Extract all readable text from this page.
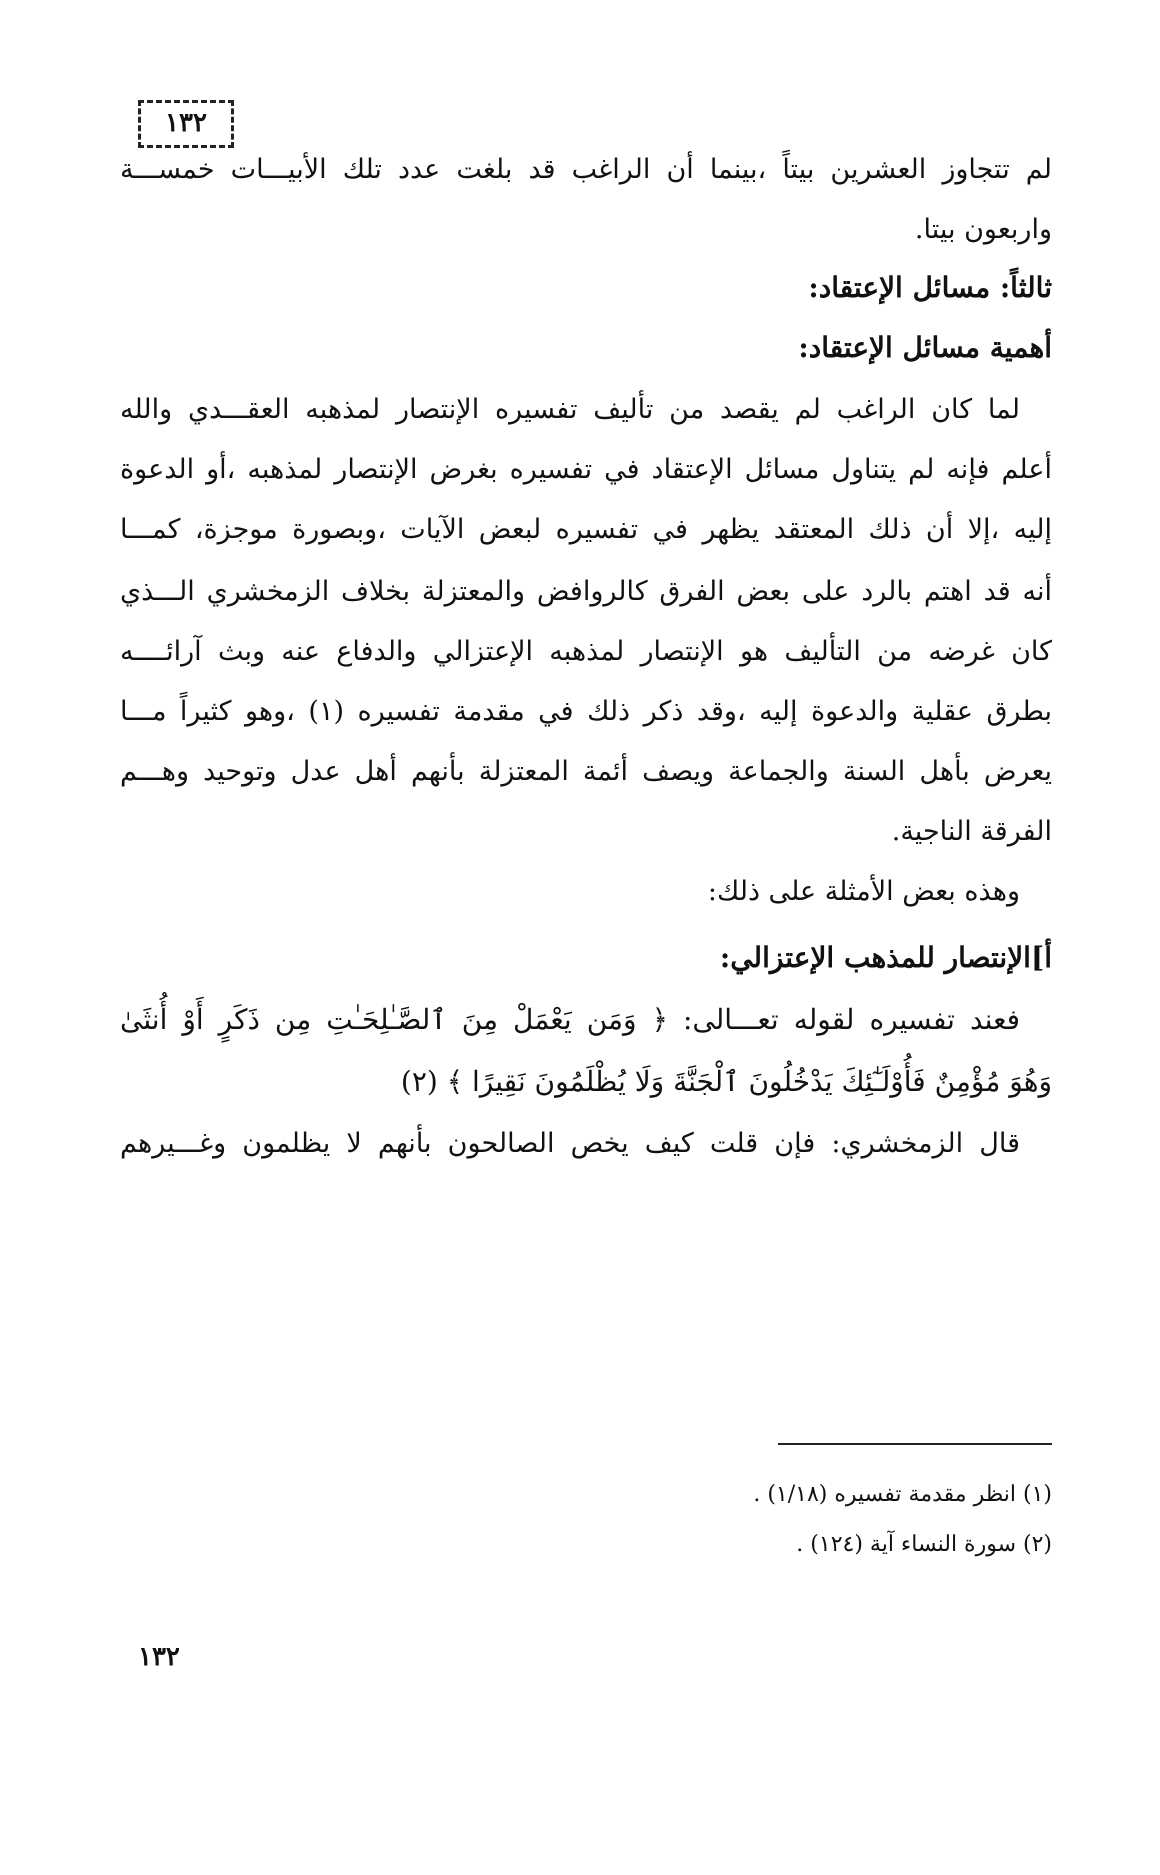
١٣٢
لم تتجاوز العشرين بيتاً ،بينما أن الراغب قد بلغت عدد تلك الأبيـــات خمســـة
واربعون بيتا.
ثالثاً: مسائل الإعتقاد:
أهمية مسائل الإعتقاد:
لما كان الراغب لم يقصد من تأليف تفسيره الإنتصار لمذهبه العقـــدي والله
أعلم فإنه لم يتناول مسائل الإعتقاد في تفسيره بغرض الإنتصار لمذهبه ،أو الدعوة
إليه ،إلا أن ذلك المعتقد يظهر في تفسيره لبعض الآيات ،وبصورة موجزة، كمـــا
أنه قد اهتم بالرد على بعض الفرق كالروافض والمعتزلة بخلاف الزمخشري الـــذي
كان غرضه من التأليف هو الإنتصار لمذهبه الإعتزالي والدفاع عنه وبث آرائــــه
بطرق عقلية والدعوة إليه ،وقد ذكر ذلك في مقدمة تفسيره (١) ،وهو كثيراً مـــا
يعرض بأهل السنة والجماعة ويصف أئمة المعتزلة بأنهم أهل عدل وتوحيد وهـــم
الفرقة الناجية.
وهذه بعض الأمثلة على ذلك:
أ]الإنتصار للمذهب الإعتزالي:
فعند تفسيره لقوله تعـــالى: ﴿ وَمَن يَعْمَلْ مِنَ ٱلصَّـٰلِحَـٰتِ مِن ذَكَرٍ أَوْ أُنثَىٰ
وَهُوَ مُؤْمِنٌ فَأُوْلَـٰٓئِكَ يَدْخُلُونَ ٱلْجَنَّةَ وَلَا يُظْلَمُونَ نَقِيرًا ﴾ (٢)
قال الزمخشري: فإن قلت كيف يخص الصالحون بأنهم لا يظلمون وغـــيرهم
(١) انظر مقدمة تفسيره (١/١٨) .
(٢) سورة النساء آية (١٢٤) .
١٣٢
